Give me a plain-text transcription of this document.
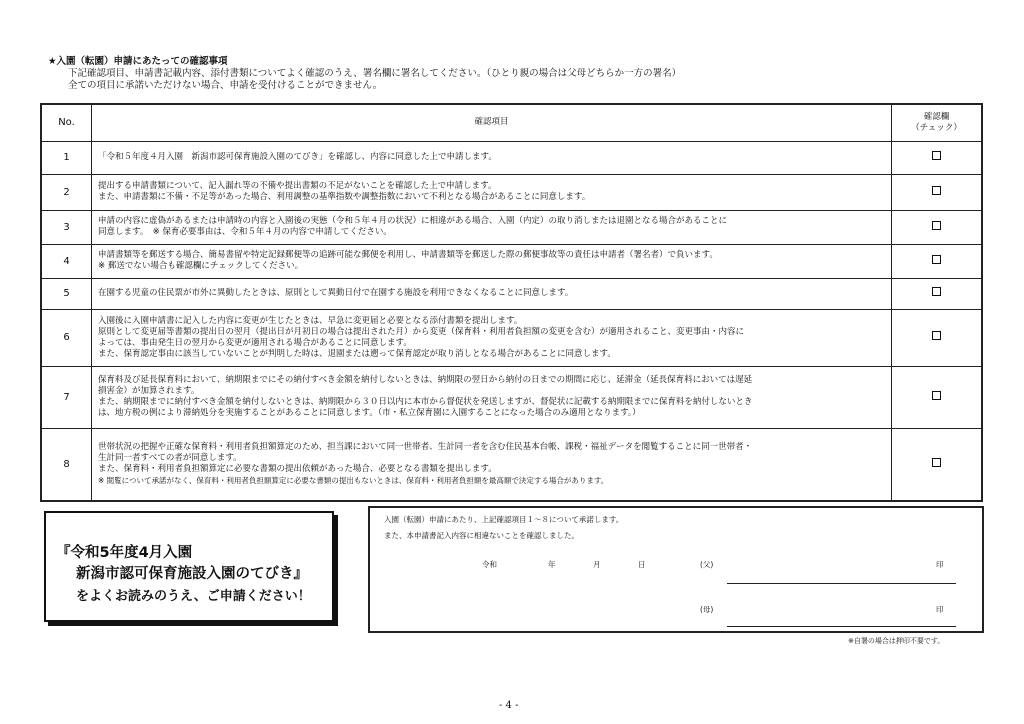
★入園（転園）申請にあたっての確認事項
下記確認項目、申請書記載内容、添付書類についてよく確認のうえ、署名欄に署名してください。（ひとり親の場合は父母どちらか一方の署名）
全ての項目に承諾いただけない場合、申請を受付けることができません。
No.	確認項目	確認欄
（チェック）

1	「令和５年度４月入園　新潟市認可保育施設入園のてびき」を確認し、内容に同意した上で申請します。	

2	提出する申請書類について、記入漏れ等の不備や提出書類の不足がないことを確認した上で申請します。
また、申請書類に不備・不足等があった場合、利用調整の基準指数や調整指数において不利となる場合があることに同意します。	

3	申請の内容に虚偽があるまたは申請時の内容と入園後の実態（令和５年４月の状況）に相違がある場合、入園（内定）の取り消しまたは退園となる場合があることに
同意します。　※ 保育必要事由は、令和５年４月の内容で申請してください。	

4	申請書類等を郵送する場合、簡易書留や特定記録郵便等の追跡可能な郵便を利用し、申請書類等を郵送した際の郵便事故等の責任は申請者（署名者）で負います。
※ 郵送でない場合も確認欄にチェックしてください。	

5	在園する児童の住民票が市外に異動したときは、原則として異動日付で在園する施設を利用できなくなることに同意します。	

6	入園後に入園申請書に記入した内容に変更が生じたときは、早急に変更届と必要となる添付書類を提出します。
原則として変更届等書類の提出日の翌月（提出日が月初日の場合は提出された月）から変更（保育料・利用者負担額の変更を含む）が適用されること、変更事由・内容に
よっては、事由発生日の翌月から変更が適用される場合があることに同意します。
また、保育認定事由に該当していないことが判明した時は、退園または遡って保育認定が取り消しとなる場合があることに同意します。	

7	保育料及び延長保育料において、納期限までにその納付すべき金額を納付しないときは、納期限の翌日から納付の日までの期間に応じ、延滞金（延長保育料においては遅延
損害金）が加算されます。
また、納期限までに納付すべき金額を納付しないときは、納期限から３０日以内に本市から督促状を発送しますが、督促状に記載する納期限までに保育料を納付しないとき
は、地方税の例により滞納処分を実施することがあることに同意します。（市・私立保育園に入園することになった場合のみ適用となります。）	

8	世帯状況の把握や正確な保育料・利用者負担額算定のため、担当課において同一世帯者、生計同一者を含む住民基本台帳、課税・福祉データを閲覧することに同一世帯者・
生計同一者すべての者が同意します。
また、保育料・利用者負担額算定に必要な書類の提出依頼があった場合、必要となる書類を提出します。
※ 閲覧について承諾がなく、保育料・利用者負担額算定に必要な書類の提出もないときは、保育料・利用者負担額を最高額で決定する場合があります。	

『令和5年度4月入園
新潟市認可保育施設入園のてびき』
をよくお読みのうえ、ご申請ください！
入園（転園）申請にあたり、上記確認項目１～８について承諾します。
また、本申請書記入内容に相違ないことを確認しました。
令和	年	月	日	(父)	印
(母)	印
※自署の場合は押印不要です。
- 4 -
